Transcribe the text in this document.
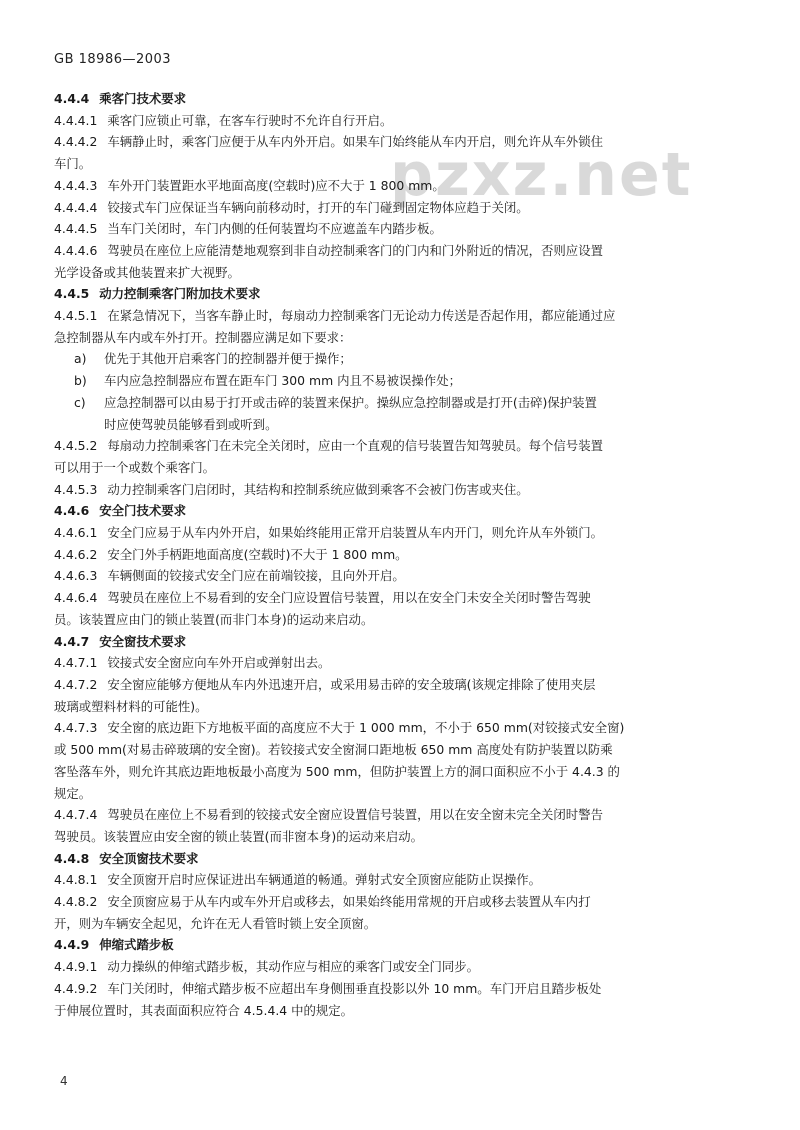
GB 18986—2003
pzxz.net

4.4.4 乘客门技术要求

4.4.4.1 乘客门应锁止可靠，在客车行驶时不允许自行开启。

4.4.4.2 车辆静止时，乘客门应便于从车内外开启。如果车门始终能从车内开启，则允许从车外锁住

车门。

4.4.4.3 车外开门装置距水平地面高度(空载时)应不大于 1 800 mm。

4.4.4.4 铰接式车门应保证当车辆向前移动时，打开的车门碰到固定物体应趋于关闭。

4.4.4.5 当车门关闭时，车门内侧的任何装置均不应遮盖车内踏步板。

4.4.4.6 驾驶员在座位上应能清楚地观察到非自动控制乘客门的门内和门外附近的情况，否则应设置

光学设备或其他装置来扩大视野。

4.4.5 动力控制乘客门附加技术要求

4.4.5.1 在紧急情况下，当客车静止时，每扇动力控制乘客门无论动力传送是否起作用，都应能通过应

急控制器从车内或车外打开。控制器应满足如下要求：

a) 优先于其他开启乘客门的控制器并便于操作；

b) 车内应急控制器应布置在距车门 300 mm 内且不易被误操作处；

c) 应急控制器可以由易于打开或击碎的装置来保护。操纵应急控制器或是打开(击碎)保护装置

时应使驾驶员能够看到或听到。

4.4.5.2 每扇动力控制乘客门在未完全关闭时，应由一个直观的信号装置告知驾驶员。每个信号装置

可以用于一个或数个乘客门。

4.4.5.3 动力控制乘客门启闭时，其结构和控制系统应做到乘客不会被门伤害或夹住。

4.4.6 安全门技术要求

4.4.6.1 安全门应易于从车内外开启，如果始终能用正常开启装置从车内开门，则允许从车外锁门。

4.4.6.2 安全门外手柄距地面高度(空载时)不大于 1 800 mm。

4.4.6.3 车辆侧面的铰接式安全门应在前端铰接，且向外开启。

4.4.6.4 驾驶员在座位上不易看到的安全门应设置信号装置，用以在安全门未安全关闭时警告驾驶

员。该装置应由门的锁止装置(而非门本身)的运动来启动。

4.4.7 安全窗技术要求

4.4.7.1 铰接式安全窗应向车外开启或弹射出去。

4.4.7.2 安全窗应能够方便地从车内外迅速开启，或采用易击碎的安全玻璃(该规定排除了使用夹层

玻璃或塑料材料的可能性)。

4.4.7.3 安全窗的底边距下方地板平面的高度应不大于 1 000 mm，不小于 650 mm(对铰接式安全窗)

或 500 mm(对易击碎玻璃的安全窗)。若铰接式安全窗洞口距地板 650 mm 高度处有防护装置以防乘

客坠落车外，则允许其底边距地板最小高度为 500 mm，但防护装置上方的洞口面积应不小于 4.4.3 的

规定。

4.4.7.4 驾驶员在座位上不易看到的铰接式安全窗应设置信号装置，用以在安全窗未完全关闭时警告

驾驶员。该装置应由安全窗的锁止装置(而非窗本身)的运动来启动。

4.4.8 安全顶窗技术要求

4.4.8.1 安全顶窗开启时应保证进出车辆通道的畅通。弹射式安全顶窗应能防止误操作。

4.4.8.2 安全顶窗应易于从车内或车外开启或移去，如果始终能用常规的开启或移去装置从车内打

开，则为车辆安全起见，允许在无人看管时锁上安全顶窗。

4.4.9 伸缩式踏步板

4.4.9.1 动力操纵的伸缩式踏步板，其动作应与相应的乘客门或安全门同步。

4.4.9.2 车门关闭时，伸缩式踏步板不应超出车身侧围垂直投影以外 10 mm。车门开启且踏步板处

于伸展位置时，其表面面积应符合 4.5.4.4 中的规定。

4
